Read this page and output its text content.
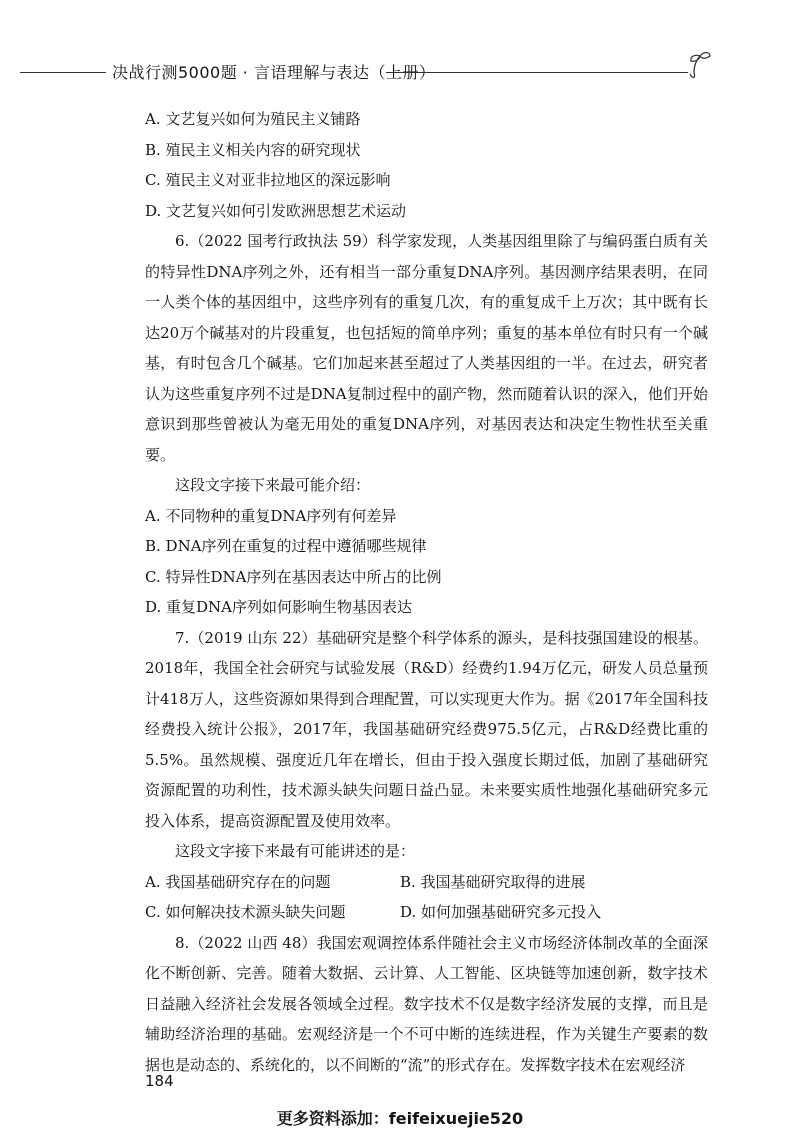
决战行测5000题 · 言语理解与表达（上册）

A. 文艺复兴如何为殖民主义铺路

B. 殖民主义相关内容的研究现状

C. 殖民主义对亚非拉地区的深远影响

D. 文艺复兴如何引发欧洲思想艺术运动

6.（2022 国考行政执法 59）科学家发现，人类基因组里除了与编码蛋白质有关的特异性DNA序列之外，还有相当一部分重复DNA序列。基因测序结果表明，在同一人类个体的基因组中，这些序列有的重复几次，有的重复成千上万次；其中既有长达20万个碱基对的片段重复，也包括短的简单序列；重复的基本单位有时只有一个碱基，有时包含几个碱基。它们加起来甚至超过了人类基因组的一半。在过去，研究者认为这些重复序列不过是DNA复制过程中的副产物，然而随着认识的深入，他们开始意识到那些曾被认为毫无用处的重复DNA序列，对基因表达和决定生物性状至关重要。

这段文字接下来最可能介绍：

A. 不同物种的重复DNA序列有何差异

B. DNA序列在重复的过程中遵循哪些规律

C. 特异性DNA序列在基因表达中所占的比例

D. 重复DNA序列如何影响生物基因表达

7.（2019 山东 22）基础研究是整个科学体系的源头，是科技强国建设的根基。2018年，我国全社会研究与试验发展（R&D）经费约1.94万亿元，研发人员总量预计418万人，这些资源如果得到合理配置，可以实现更大作为。据《2017年全国科技经费投入统计公报》，2017年，我国基础研究经费975.5亿元，占R&D经费比重的5.5%。虽然规模、强度近几年在增长，但由于投入强度长期过低，加剧了基础研究资源配置的功利性，技术源头缺失问题日益凸显。未来要实质性地强化基础研究多元投入体系，提高资源配置及使用效率。

这段文字接下来最有可能讲述的是：

A. 我国基础研究存在的问题	B. 我国基础研究取得的进展
C. 如何解决技术源头缺失问题	D. 如何加强基础研究多元投入

8.（2022 山西 48）我国宏观调控体系伴随社会主义市场经济体制改革的全面深化不断创新、完善。随着大数据、云计算、人工智能、区块链等加速创新，数字技术日益融入经济社会发展各领域全过程。数字技术不仅是数字经济发展的支撑，而且是辅助经济治理的基础。宏观经济是一个不可中断的连续进程，作为关键生产要素的数据也是动态的、系统化的，以不间断的“流”的形式存在。发挥数字技术在宏观经济

184
更多资料添加：feifeixuejie520
